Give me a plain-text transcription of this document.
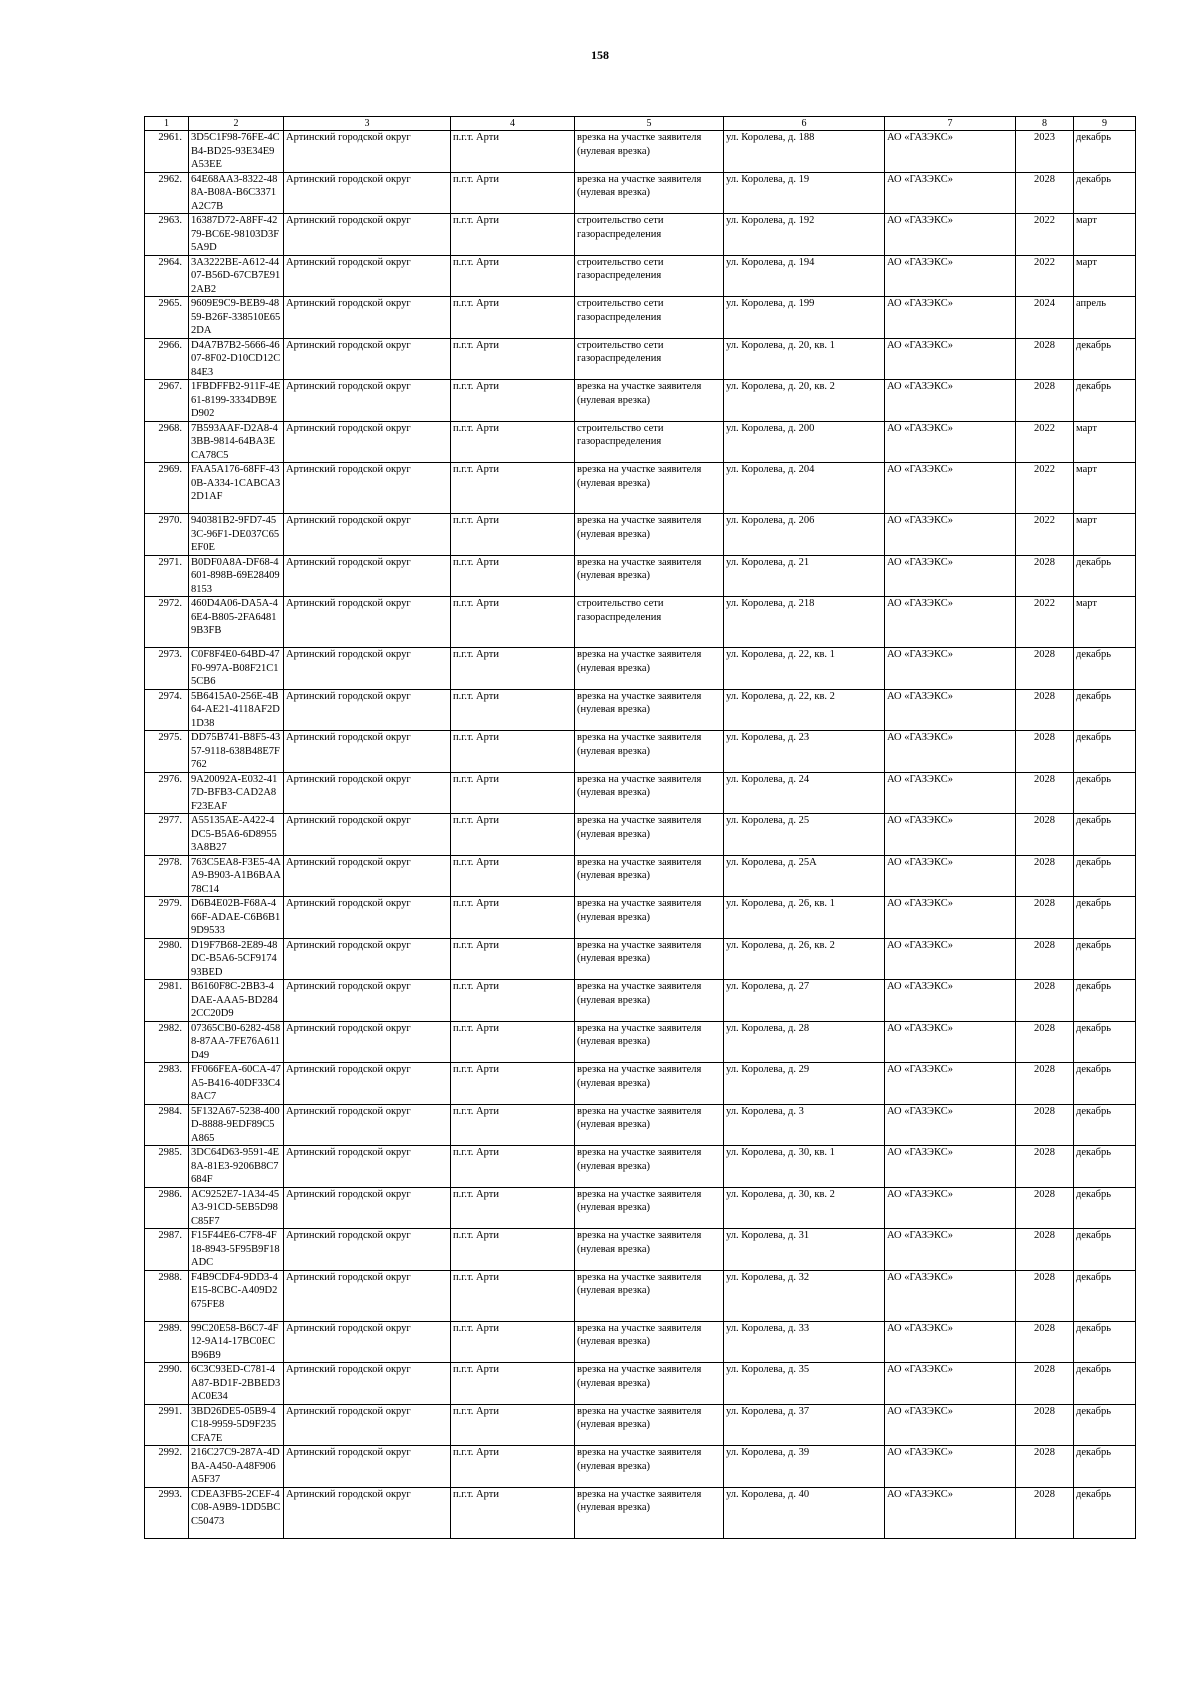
158
1	2	3	4	5	6	7	8	9
2961.	3D5C1F98-76FE-4CB4-BD25-93E34E9A53EE	Артинский городской округ	п.г.т. Арти	врезка на участке заявителя (нулевая врезка)	ул. Королева, д. 188	АО «ГАЗЭКС»	2023	декабрь
2962.	64E68AA3-8322-488A-B08A-B6C3371A2C7B	Артинский городской округ	п.г.т. Арти	врезка на участке заявителя (нулевая врезка)	ул. Королева, д. 19	АО «ГАЗЭКС»	2028	декабрь
2963.	16387D72-A8FF-4279-BC6E-98103D3F5A9D	Артинский городской округ	п.г.т. Арти	строительство сети газораспределения	ул. Королева, д. 192	АО «ГАЗЭКС»	2022	март
2964.	3A3222BE-A612-4407-B56D-67CB7E912AB2	Артинский городской округ	п.г.т. Арти	строительство сети газораспределения	ул. Королева, д. 194	АО «ГАЗЭКС»	2022	март
2965.	9609E9C9-BEB9-4859-B26F-338510E652DA	Артинский городской округ	п.г.т. Арти	строительство сети газораспределения	ул. Королева, д. 199	АО «ГАЗЭКС»	2024	апрель
2966.	D4A7B7B2-5666-4607-8F02-D10CD12C84E3	Артинский городской округ	п.г.т. Арти	строительство сети газораспределения	ул. Королева, д. 20, кв. 1	АО «ГАЗЭКС»	2028	декабрь
2967.	1FBDFFB2-911F-4E61-8199-3334DB9ED902	Артинский городской округ	п.г.т. Арти	врезка на участке заявителя (нулевая врезка)	ул. Королева, д. 20, кв. 2	АО «ГАЗЭКС»	2028	декабрь
2968.	7B593AAF-D2A8-43BB-9814-64BA3ECA78C5	Артинский городской округ	п.г.т. Арти	строительство сети газораспределения	ул. Королева, д. 200	АО «ГАЗЭКС»	2022	март
2969.	FAA5A176-68FF-430B-A334-1CABCA32D1AF	Артинский городской округ	п.г.т. Арти	врезка на участке заявителя (нулевая врезка)	ул. Королева, д. 204	АО «ГАЗЭКС»	2022	март
2970.	940381B2-9FD7-453C-96F1-DE037C65EF0E	Артинский городской округ	п.г.т. Арти	врезка на участке заявителя (нулевая врезка)	ул. Королева, д. 206	АО «ГАЗЭКС»	2022	март
2971.	B0DF0A8A-DF68-4601-898B-69E284098153	Артинский городской округ	п.г.т. Арти	врезка на участке заявителя (нулевая врезка)	ул. Королева, д. 21	АО «ГАЗЭКС»	2028	декабрь
2972.	460D4A06-DA5A-46E4-B805-2FA64819B3FB	Артинский городской округ	п.г.т. Арти	строительство сети газораспределения	ул. Королева, д. 218	АО «ГАЗЭКС»	2022	март
2973.	C0F8F4E0-64BD-47F0-997A-B08F21C15CB6	Артинский городской округ	п.г.т. Арти	врезка на участке заявителя (нулевая врезка)	ул. Королева, д. 22, кв. 1	АО «ГАЗЭКС»	2028	декабрь
2974.	5B6415A0-256E-4B64-AE21-4118AF2D1D38	Артинский городской округ	п.г.т. Арти	врезка на участке заявителя (нулевая врезка)	ул. Королева, д. 22, кв. 2	АО «ГАЗЭКС»	2028	декабрь
2975.	DD75B741-B8F5-4357-9118-638B48E7F762	Артинский городской округ	п.г.т. Арти	врезка на участке заявителя (нулевая врезка)	ул. Королева, д. 23	АО «ГАЗЭКС»	2028	декабрь
2976.	9A20092A-E032-417D-BFB3-CAD2A8F23EAF	Артинский городской округ	п.г.т. Арти	врезка на участке заявителя (нулевая врезка)	ул. Королева, д. 24	АО «ГАЗЭКС»	2028	декабрь
2977.	A55135AE-A422-4DC5-B5A6-6D89553A8B27	Артинский городской округ	п.г.т. Арти	врезка на участке заявителя (нулевая врезка)	ул. Королева, д. 25	АО «ГАЗЭКС»	2028	декабрь
2978.	763C5EA8-F3E5-4AA9-B903-A1B6BAA78C14	Артинский городской округ	п.г.т. Арти	врезка на участке заявителя (нулевая врезка)	ул. Королева, д. 25А	АО «ГАЗЭКС»	2028	декабрь
2979.	D6B4E02B-F68A-466F-ADAE-C6B6B19D9533	Артинский городской округ	п.г.т. Арти	врезка на участке заявителя (нулевая врезка)	ул. Королева, д. 26, кв. 1	АО «ГАЗЭКС»	2028	декабрь
2980.	D19F7B68-2E89-48DC-B5A6-5CF917493BED	Артинский городской округ	п.г.т. Арти	врезка на участке заявителя (нулевая врезка)	ул. Королева, д. 26, кв. 2	АО «ГАЗЭКС»	2028	декабрь
2981.	B6160F8C-2BB3-4DAE-AAA5-BD2842CC20D9	Артинский городской округ	п.г.т. Арти	врезка на участке заявителя (нулевая врезка)	ул. Королева, д. 27	АО «ГАЗЭКС»	2028	декабрь
2982.	07365CB0-6282-4588-87AA-7FE76A611D49	Артинский городской округ	п.г.т. Арти	врезка на участке заявителя (нулевая врезка)	ул. Королева, д. 28	АО «ГАЗЭКС»	2028	декабрь
2983.	FF066FEA-60CA-47A5-B416-40DF33C48AC7	Артинский городской округ	п.г.т. Арти	врезка на участке заявителя (нулевая врезка)	ул. Королева, д. 29	АО «ГАЗЭКС»	2028	декабрь
2984.	5F132A67-5238-400D-8888-9EDF89C5A865	Артинский городской округ	п.г.т. Арти	врезка на участке заявителя (нулевая врезка)	ул. Королева, д. 3	АО «ГАЗЭКС»	2028	декабрь
2985.	3DC64D63-9591-4E8A-81E3-9206B8C7684F	Артинский городской округ	п.г.т. Арти	врезка на участке заявителя (нулевая врезка)	ул. Королева, д. 30, кв. 1	АО «ГАЗЭКС»	2028	декабрь
2986.	AC9252E7-1A34-45A3-91CD-5EB5D98C85F7	Артинский городской округ	п.г.т. Арти	врезка на участке заявителя (нулевая врезка)	ул. Королева, д. 30, кв. 2	АО «ГАЗЭКС»	2028	декабрь
2987.	F15F44E6-C7F8-4F18-8943-5F95B9F18ADC	Артинский городской округ	п.г.т. Арти	врезка на участке заявителя (нулевая врезка)	ул. Королева, д. 31	АО «ГАЗЭКС»	2028	декабрь
2988.	F4B9CDF4-9DD3-4E15-8CBC-A409D2675FE8	Артинский городской округ	п.г.т. Арти	врезка на участке заявителя (нулевая врезка)	ул. Королева, д. 32	АО «ГАЗЭКС»	2028	декабрь
2989.	99C20E58-B6C7-4F12-9A14-17BC0ECB96B9	Артинский городской округ	п.г.т. Арти	врезка на участке заявителя (нулевая врезка)	ул. Королева, д. 33	АО «ГАЗЭКС»	2028	декабрь
2990.	6C3C93ED-C781-4A87-BD1F-2BBED3AC0E34	Артинский городской округ	п.г.т. Арти	врезка на участке заявителя (нулевая врезка)	ул. Королева, д. 35	АО «ГАЗЭКС»	2028	декабрь
2991.	3BD26DE5-05B9-4C18-9959-5D9F235CFA7E	Артинский городской округ	п.г.т. Арти	врезка на участке заявителя (нулевая врезка)	ул. Королева, д. 37	АО «ГАЗЭКС»	2028	декабрь
2992.	216C27C9-287A-4DBA-A450-A48F906A5F37	Артинский городской округ	п.г.т. Арти	врезка на участке заявителя (нулевая врезка)	ул. Королева, д. 39	АО «ГАЗЭКС»	2028	декабрь
2993.	CDEA3FB5-2CEF-4C08-A9B9-1DD5BCC50473	Артинский городской округ	п.г.т. Арти	врезка на участке заявителя (нулевая врезка)	ул. Королева, д. 40	АО «ГАЗЭКС»	2028	декабрь
